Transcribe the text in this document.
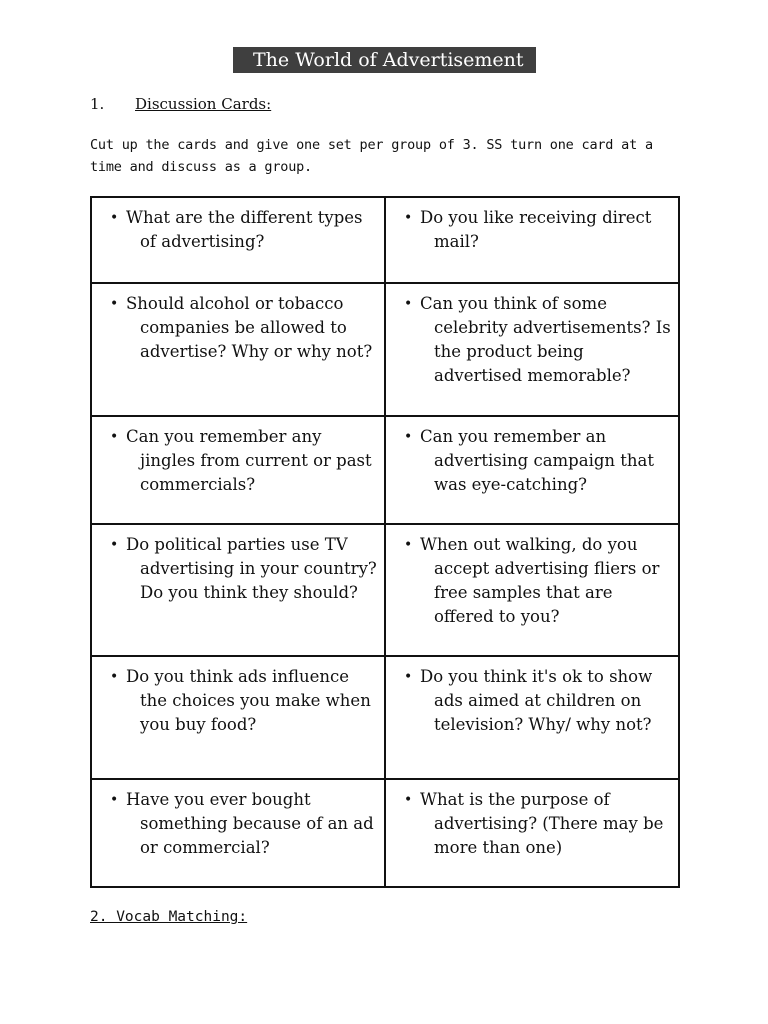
The World of Advertisement
1. Discussion Cards:
Cut up the cards and give one set per group of 3. SS turn one card at a time and discuss as a group.
• What are the different types of advertising?	• Do you like receiving direct mail?

• Should alcohol or tobacco companies be allowed to advertise? Why or why not?	• Can you think of some celebrity advertisements? Is the product being advertised memorable?

• Can you remember any jingles from current or past commercials?	• Can you remember an advertising campaign that was eye-catching?

• Do political parties use TV advertising in your country? Do you think they should?	• When out walking, do you accept advertising fliers or free samples that are offered to you?

• Do you think ads influence the choices you make when you buy food?	• Do you think it's ok to show ads aimed at children on television? Why/ why not?

• Have you ever bought something because of an ad or commercial?	• What is the purpose of advertising? (There may be more than one)
2. Vocab Matching:
